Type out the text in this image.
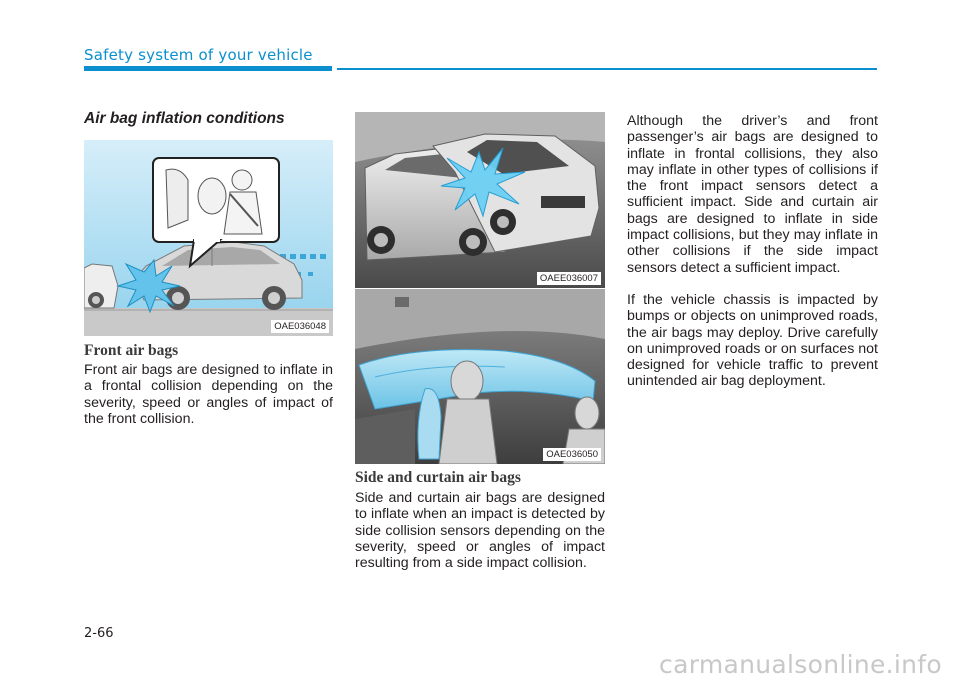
Safety system of your vehicle
Air bag inflation conditions
OAE036048
OAEE036007
OAE036050
Front air bags

Front air bags are designed to inflate in a frontal collision depending on the severity, speed or angles of impact of the front collision.

Side and curtain air bags

Side and curtain air bags are designed to inflate when an impact is detected by side collision sensors depending on the severity, speed or angles of impact resulting from a side impact collision.

Although the driver’s and front passenger’s air bags are designed to inflate in frontal collisions, they also may inflate in other types of collisions if the front impact sensors detect a sufficient impact. Side and curtain air bags are designed to inflate in side impact collisions, but they may inflate in other collisions if the side impact sensors detect a sufficient impact.

If the vehicle chassis is impacted by bumps or objects on unimproved roads, the air bags may deploy. Drive carefully on unimproved roads or on surfaces not designed for vehicle traffic to prevent unintended air bag deployment.

2-66
carmanualsonline.info
